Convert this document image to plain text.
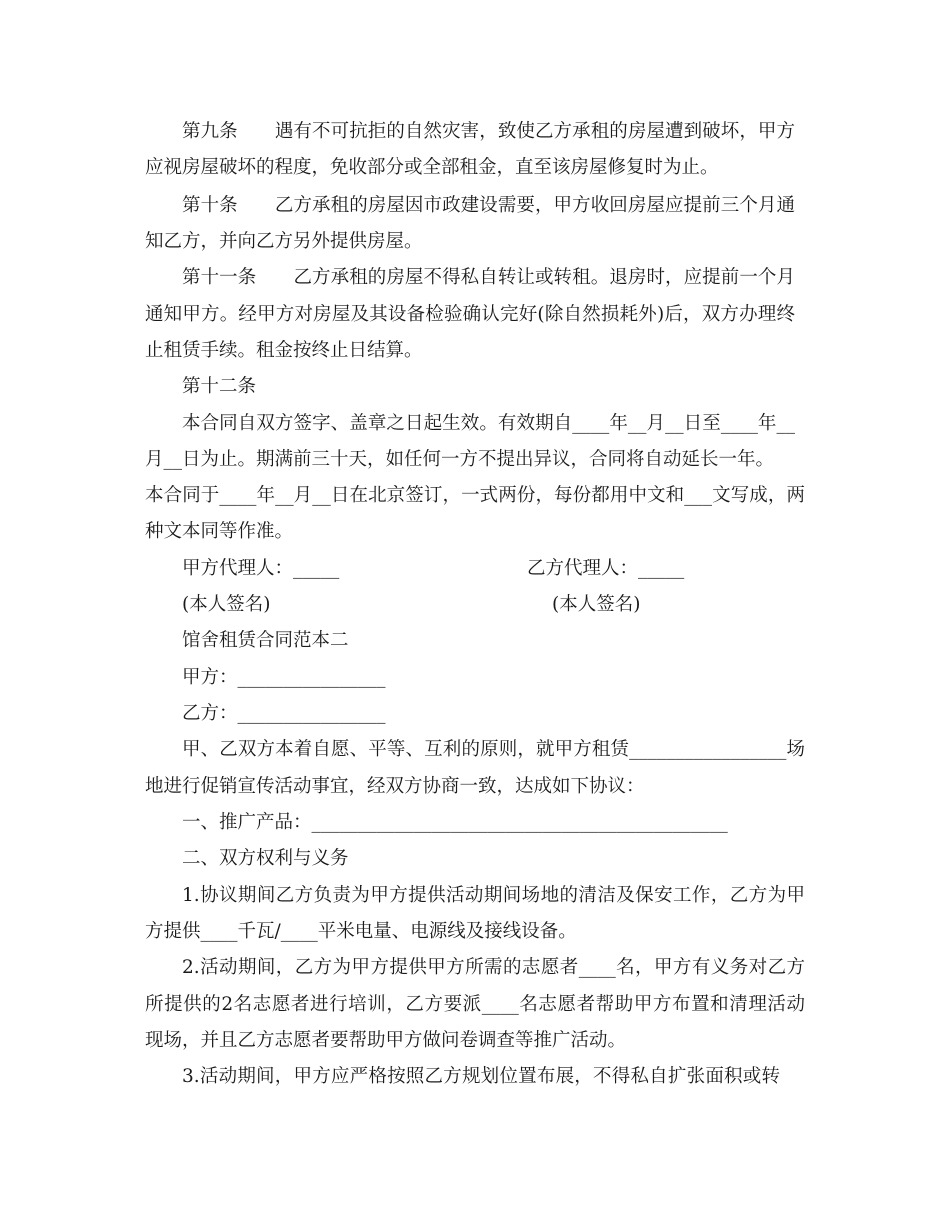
第九条　　遇有不可抗拒的自然灾害，致使乙方承租的房屋遭到破坏，甲方
应视房屋破坏的程度，免收部分或全部租金，直至该房屋修复时为止。
第十条　　乙方承租的房屋因市政建设需要，甲方收回房屋应提前三个月通
知乙方，并向乙方另外提供房屋。
第十一条　　乙方承租的房屋不得私自转让或转租。退房时，应提前一个月
通知甲方。经甲方对房屋及其设备检验确认完好(除自然损耗外)后，双方办理终
止租赁手续。租金按终止日结算。
第十二条
本合同自双方签字、盖章之日起生效。有效期自____年__月__日至____年__
月__日为止。期满前三十天，如任何一方不提出异议，合同将自动延长一年。
本合同于____年__月__日在北京签订，一式两份，每份都用中文和___文写成，两
种文本同等作准。
甲方代理人：_____	乙方代理人：_____
(本人签名)	(本人签名)
馆舍租赁合同范本二
甲方：________________
乙方：________________
甲、乙双方本着自愿、平等、互利的原则，就甲方租赁_________________场
地进行促销宣传活动事宜，经双方协商一致，达成如下协议：
一、推广产品：_____________________________________________
二、双方权利与义务
1.协议期间乙方负责为甲方提供活动期间场地的清洁及保安工作，乙方为甲
方提供____千瓦/____平米电量、电源线及接线设备。
2.活动期间，乙方为甲方提供甲方所需的志愿者____名，甲方有义务对乙方
所提供的2名志愿者进行培训，乙方要派____名志愿者帮助甲方布置和清理活动
现场，并且乙方志愿者要帮助甲方做问卷调查等推广活动。
3.活动期间，甲方应严格按照乙方规划位置布展，不得私自扩张面积或转
